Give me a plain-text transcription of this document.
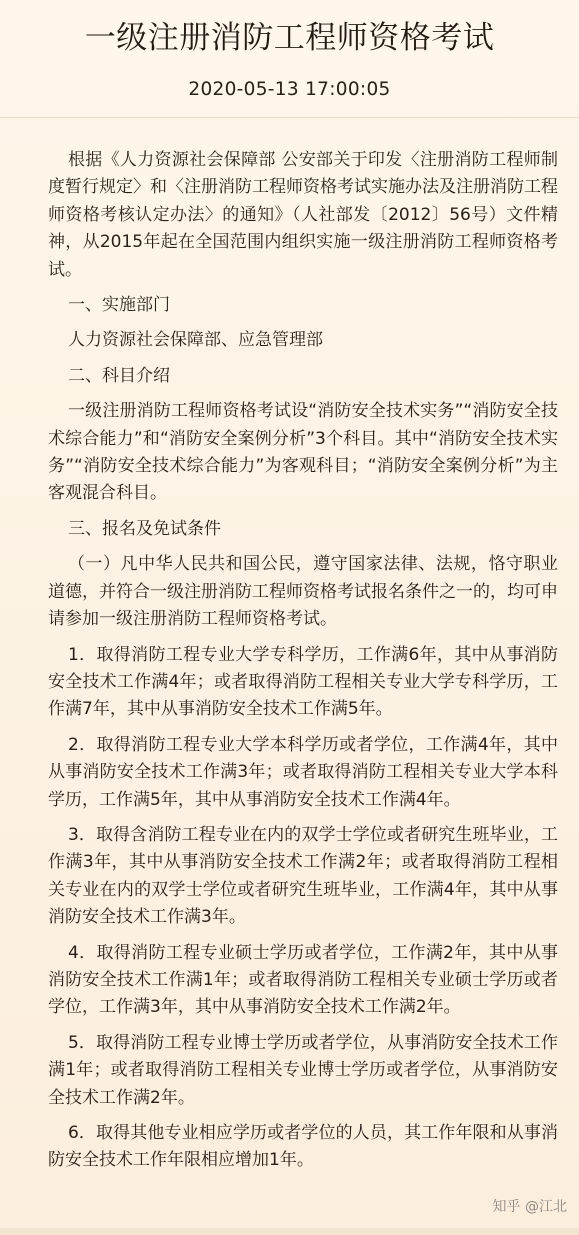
一级注册消防工程师资格考试
2020-05-13 17:00:05

根据《人力资源社会保障部 公安部关于印发〈注册消防工程师制度暂行规定〉和〈注册消防工程师资格考试实施办法及注册消防工程师资格考核认定办法〉的通知》（人社部发〔2012〕56号）文件精神，从2015年起在全国范围内组织实施一级注册消防工程师资格考试。

一、实施部门

人力资源社会保障部、应急管理部

二、科目介绍

一级注册消防工程师资格考试设“消防安全技术实务”“消防安全技术综合能力”和“消防安全案例分析”3个科目。其中“消防安全技术实务”“消防安全技术综合能力”为客观科目；“消防安全案例分析”为主客观混合科目。

三、报名及免试条件

（一）凡中华人民共和国公民，遵守国家法律、法规，恪守职业道德，并符合一级注册消防工程师资格考试报名条件之一的，均可申请参加一级注册消防工程师资格考试。

1．取得消防工程专业大学专科学历，工作满6年，其中从事消防安全技术工作满4年；或者取得消防工程相关专业大学专科学历，工作满7年，其中从事消防安全技术工作满5年。

2．取得消防工程专业大学本科学历或者学位，工作满4年，其中从事消防安全技术工作满3年；或者取得消防工程相关专业大学本科学历，工作满5年，其中从事消防安全技术工作满4年。

3．取得含消防工程专业在内的双学士学位或者研究生班毕业，工作满3年，其中从事消防安全技术工作满2年；或者取得消防工程相关专业在内的双学士学位或者研究生班毕业，工作满4年，其中从事消防安全技术工作满3年。

4．取得消防工程专业硕士学历或者学位，工作满2年，其中从事消防安全技术工作满1年；或者取得消防工程相关专业硕士学历或者学位，工作满3年，其中从事消防安全技术工作满2年。

5．取得消防工程专业博士学历或者学位，从事消防安全技术工作满1年；或者取得消防工程相关专业博士学历或者学位，从事消防安全技术工作满2年。

6．取得其他专业相应学历或者学位的人员，其工作年限和从事消防安全技术工作年限相应增加1年。

知乎 @江北
